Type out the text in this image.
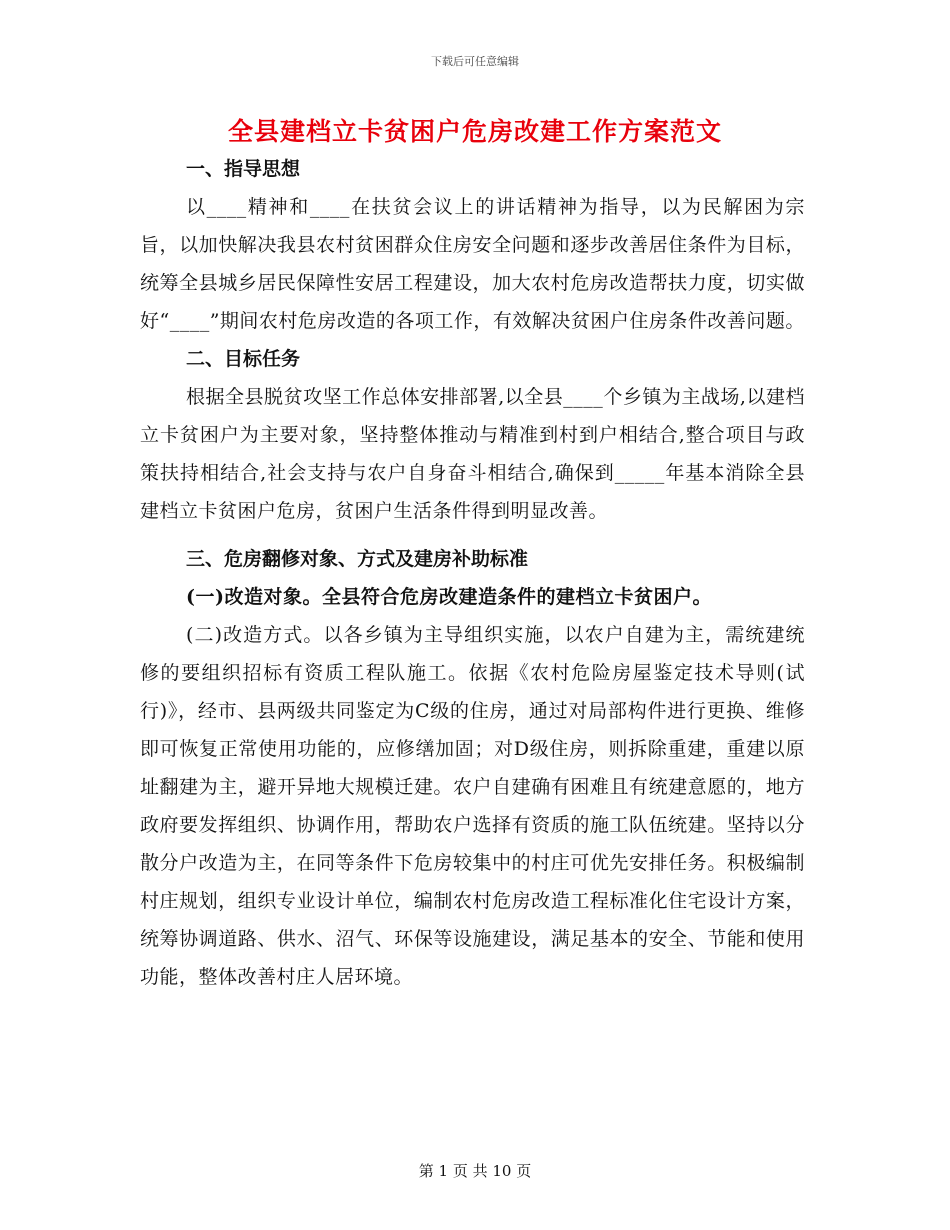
下载后可任意编辑
全县建档立卡贫困户危房改建工作方案范文

一、指导思想

以____精神和____在扶贫会议上的讲话精神为指导，以为民解困为宗旨，以加快解决我县农村贫困群众住房安全问题和逐步改善居住条件为目标，统筹全县城乡居民保障性安居工程建设，加大农村危房改造帮扶力度，切实做好“____”期间农村危房改造的各项工作，有效解决贫困户住房条件改善问题。

二、目标任务

根据全县脱贫攻坚工作总体安排部署,以全县____个乡镇为主战场,以建档立卡贫困户为主要对象，坚持整体推动与精准到村到户相结合,整合项目与政策扶持相结合,社会支持与农户自身奋斗相结合,确保到_____年基本消除全县建档立卡贫困户危房，贫困户生活条件得到明显改善。

三、危房翻修对象、方式及建房补助标准

(一)改造对象。全县符合危房改建造条件的建档立卡贫困户。

(二)改造方式。以各乡镇为主导组织实施，以农户自建为主，需统建统修的要组织招标有资质工程队施工。依据《农村危险房屋鉴定技术导则(试行)》，经市、县两级共同鉴定为C级的住房，通过对局部构件进行更换、维修即可恢复正常使用功能的，应修缮加固；对D级住房，则拆除重建，重建以原址翻建为主，避开异地大规模迁建。农户自建确有困难且有统建意愿的，地方政府要发挥组织、协调作用，帮助农户选择有资质的施工队伍统建。坚持以分散分户改造为主，在同等条件下危房较集中的村庄可优先安排任务。积极编制村庄规划，组织专业设计单位，编制农村危房改造工程标准化住宅设计方案，统筹协调道路、供水、沼气、环保等设施建设，满足基本的安全、节能和使用功能，整体改善村庄人居环境。

第 1 页 共 10 页
